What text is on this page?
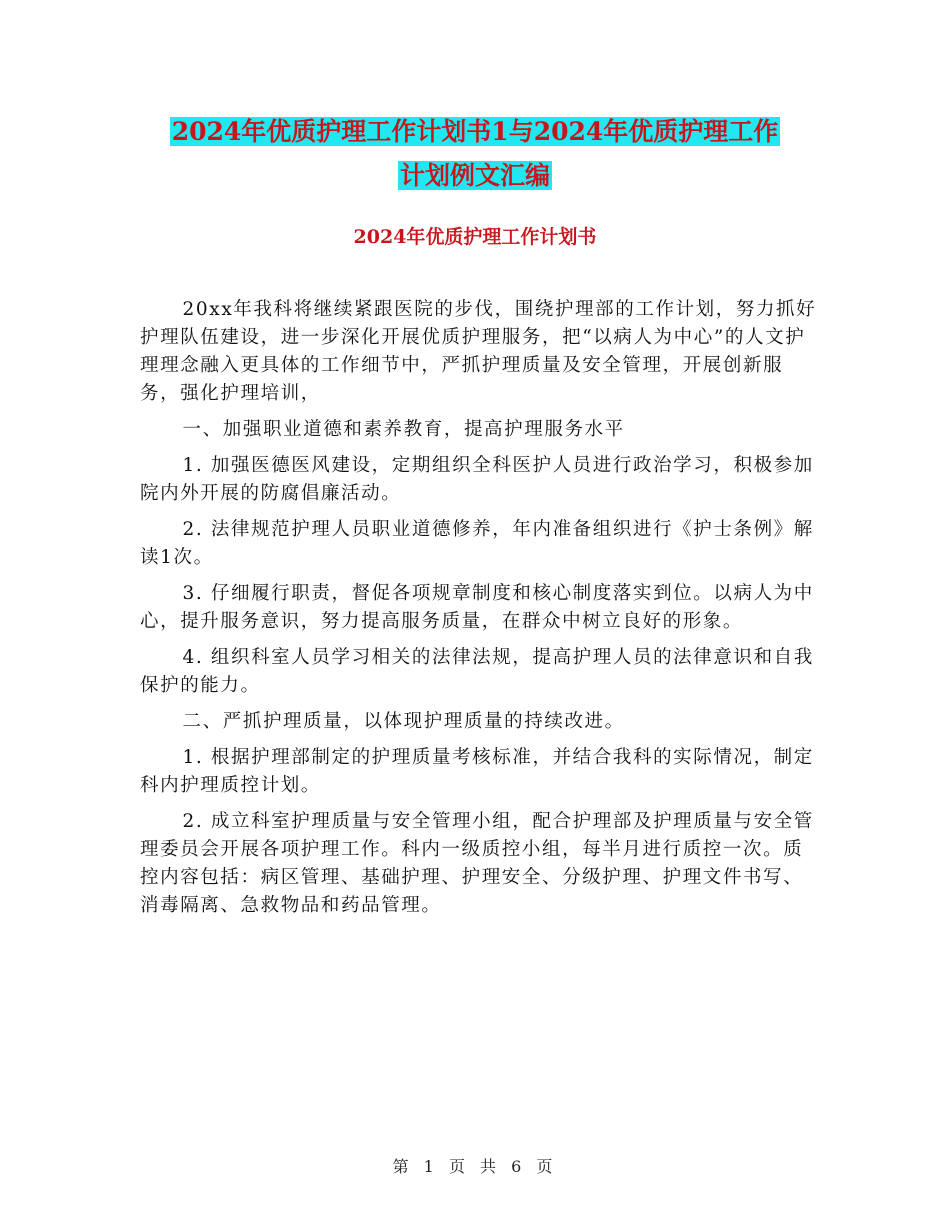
2024年优质护理工作计划书1与2024年优质护理工作
计划例文汇编
2024年优质护理工作计划书

20xx年我科将继续紧跟医院的步伐，围绕护理部的工作计划，努力抓好护理队伍建设，进一步深化开展优质护理服务，把“以病人为中心”的人文护理理念融入更具体的工作细节中，严抓护理质量及安全管理，开展创新服务，强化护理培训，

一、加强职业道德和素养教育，提高护理服务水平

1. 加强医德医风建设，定期组织全科医护人员进行政治学习，积极参加院内外开展的防腐倡廉活动。

2. 法律规范护理人员职业道德修养，年内准备组织进行《护士条例》解读1次。

3. 仔细履行职责，督促各项规章制度和核心制度落实到位。以病人为中心，提升服务意识，努力提高服务质量，在群众中树立良好的形象。

4. 组织科室人员学习相关的法律法规，提高护理人员的法律意识和自我保护的能力。

二、严抓护理质量，以体现护理质量的持续改进。

1. 根据护理部制定的护理质量考核标准，并结合我科的实际情况，制定科内护理质控计划。

2. 成立科室护理质量与安全管理小组，配合护理部及护理质量与安全管理委员会开展各项护理工作。科内一级质控小组，每半月进行质控一次。质控内容包括：病区管理、基础护理、护理安全、分级护理、护理文件书写、消毒隔离、急救物品和药品管理。

第 1 页 共 6 页
